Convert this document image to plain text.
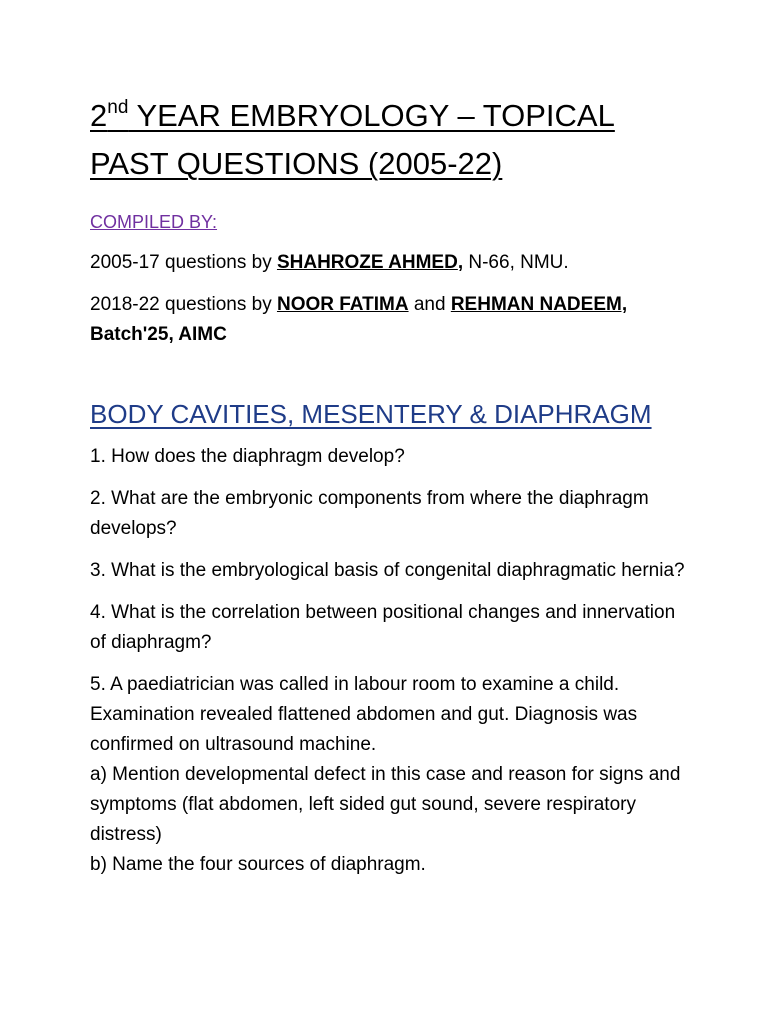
2nd YEAR EMBRYOLOGY – TOPICAL PAST QUESTIONS (2005-22)
COMPILED BY:
2005-17 questions by SHAHROZE AHMED, N-66, NMU.
2018-22 questions by NOOR FATIMA and REHMAN NADEEM,
Batch'25, AIMC
BODY CAVITIES, MESENTERY & DIAPHRAGM
1. How does the diaphragm develop?
2. What are the embryonic components from where the diaphragm develops?
3. What is the embryological basis of congenital diaphragmatic hernia?
4. What is the correlation between positional changes and innervation of diaphragm?
5. A paediatrician was called in labour room to examine a child. Examination revealed flattened abdomen and gut. Diagnosis was confirmed on ultrasound machine.
a) Mention developmental defect in this case and reason for signs and symptoms (flat abdomen, left sided gut sound, severe respiratory distress)
b) Name the four sources of diaphragm.
